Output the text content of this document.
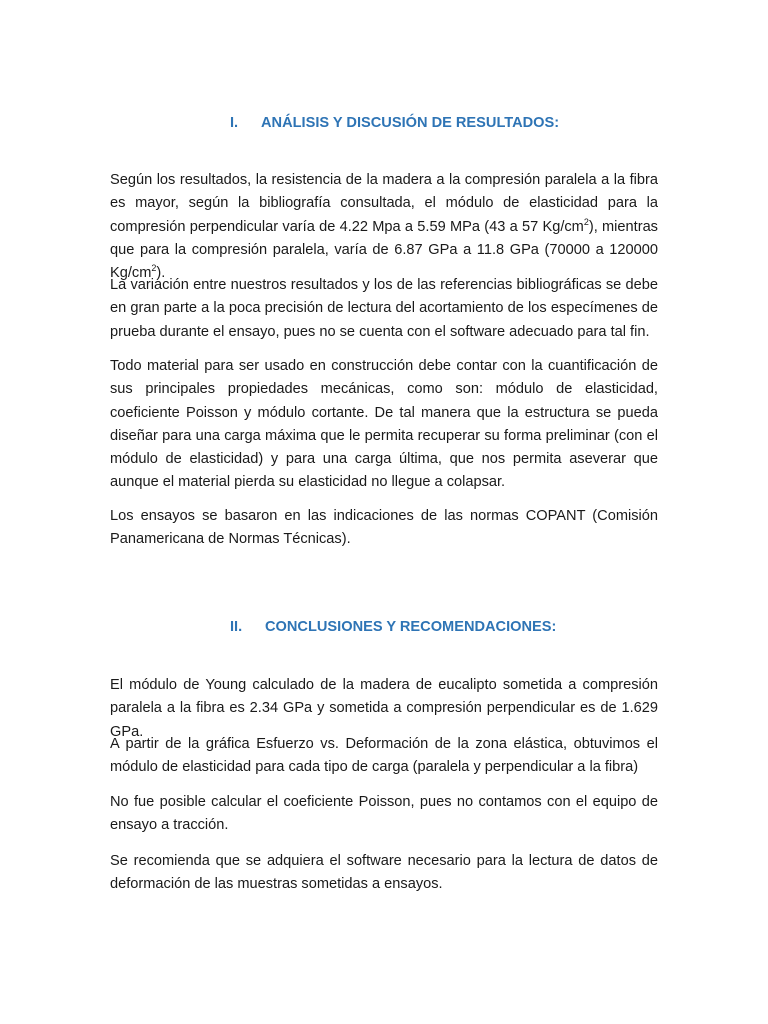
I. ANÁLISIS Y DISCUSIÓN DE RESULTADOS:

Según los resultados, la resistencia de la madera a la compresión paralela a la fibra es mayor, según la bibliografía consultada, el módulo de elasticidad para la compresión perpendicular varía de 4.22 Mpa a 5.59 MPa (43 a 57 $Kg/cm^2$), mientras que para la compresión paralela, varía de 6.87 GPa a 11.8 GPa (70000 a 120000 $Kg/cm^2$).

La variación entre nuestros resultados y los de las referencias bibliográficas se debe en gran parte a la poca precisión de lectura del acortamiento de los especímenes de prueba durante el ensayo, pues no se cuenta con el software adecuado para tal fin.

Todo material para ser usado en construcción debe contar con la cuantificación de sus principales propiedades mecánicas, como son: módulo de elasticidad, coeficiente Poisson y módulo cortante. De tal manera que la estructura se pueda diseñar para una carga máxima que le permita recuperar su forma preliminar (con el módulo de elasticidad) y para una carga última, que nos permita aseverar que aunque el material pierda su elasticidad no llegue a colapsar.

Los ensayos se basaron en las indicaciones de las normas COPANT (Comisión Panamericana de Normas Técnicas).

II. CONCLUSIONES Y RECOMENDACIONES:

El módulo de Young calculado de la madera de eucalipto sometida a compresión paralela a la fibra es 2.34 GPa y sometida a compresión perpendicular es de 1.629 GPa.

A partir de la gráfica Esfuerzo vs. Deformación de la zona elástica, obtuvimos el módulo de elasticidad para cada tipo de carga (paralela y perpendicular a la fibra)

No fue posible calcular el coeficiente Poisson, pues no contamos con el equipo de ensayo a tracción.

Se recomienda que se adquiera el software necesario para la lectura de datos de deformación de las muestras sometidas a ensayos.
